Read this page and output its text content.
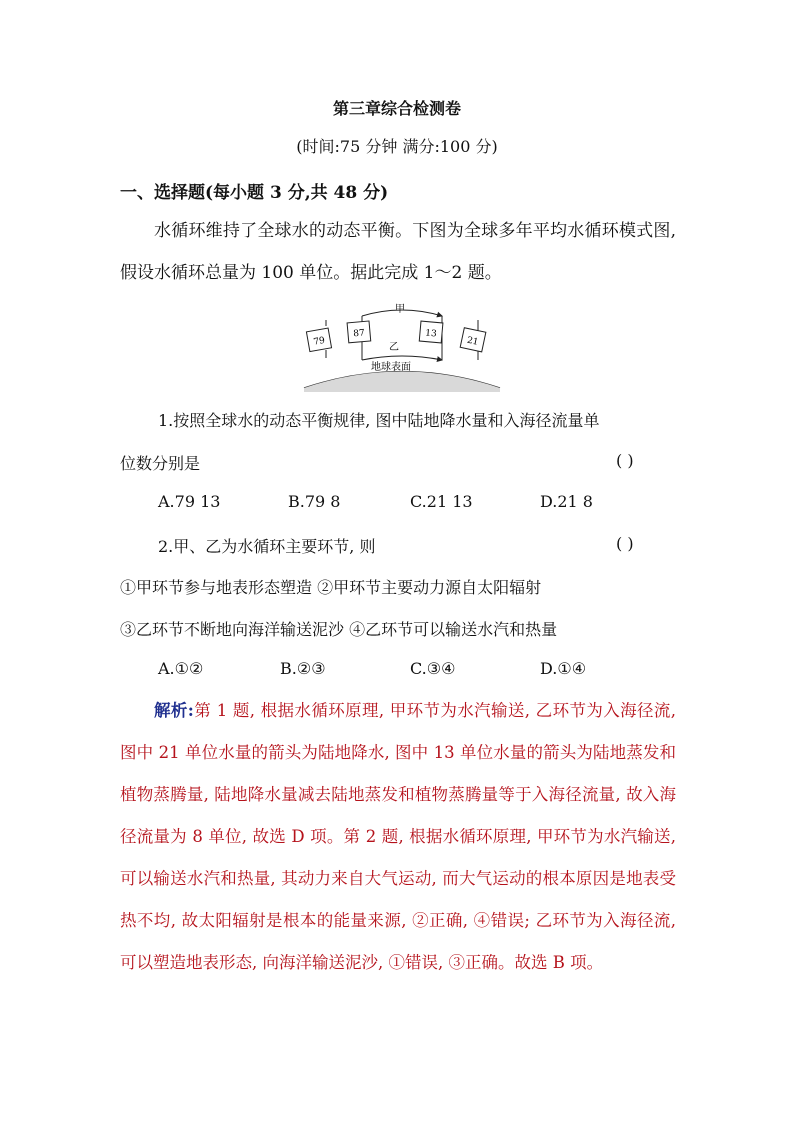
第三章综合检测卷
(时间:75 分钟 满分:100 分)
一、选择题(每小题 3 分,共 48 分)
水循环维持了全球水的动态平衡。下图为全球多年平均水循环模式图,假设水循环总量为 100 单位。据此完成 1～2 题。
地球表面
甲
乙
79
87	13
21
1.按照全球水的动态平衡规律, 图中陆地降水量和入海径流量单
位数分别是	( )
A.79 13	B.79 8	C.21 13	D.21 8
2.甲、乙为水循环主要环节, 则	( )
①甲环节参与地表形态塑造 ②甲环节主要动力源自太阳辐射
③乙环节不断地向海洋输送泥沙 ④乙环节可以输送水汽和热量
A.①②	B.②③	C.③④	D.①④
解析:第 1 题, 根据水循环原理, 甲环节为水汽输送, 乙环节为入海径流, 图中 21 单位水量的箭头为陆地降水, 图中 13 单位水量的箭头为陆地蒸发和植物蒸腾量, 陆地降水量减去陆地蒸发和植物蒸腾量等于入海径流量, 故入海径流量为 8 单位, 故选 D 项。第 2 题, 根据水循环原理, 甲环节为水汽输送, 可以输送水汽和热量, 其动力来自大气运动, 而大气运动的根本原因是地表受热不均, 故太阳辐射是根本的能量来源, ②正确, ④错误; 乙环节为入海径流, 可以塑造地表形态, 向海洋输送泥沙, ①错误, ③正确。故选 B 项。
